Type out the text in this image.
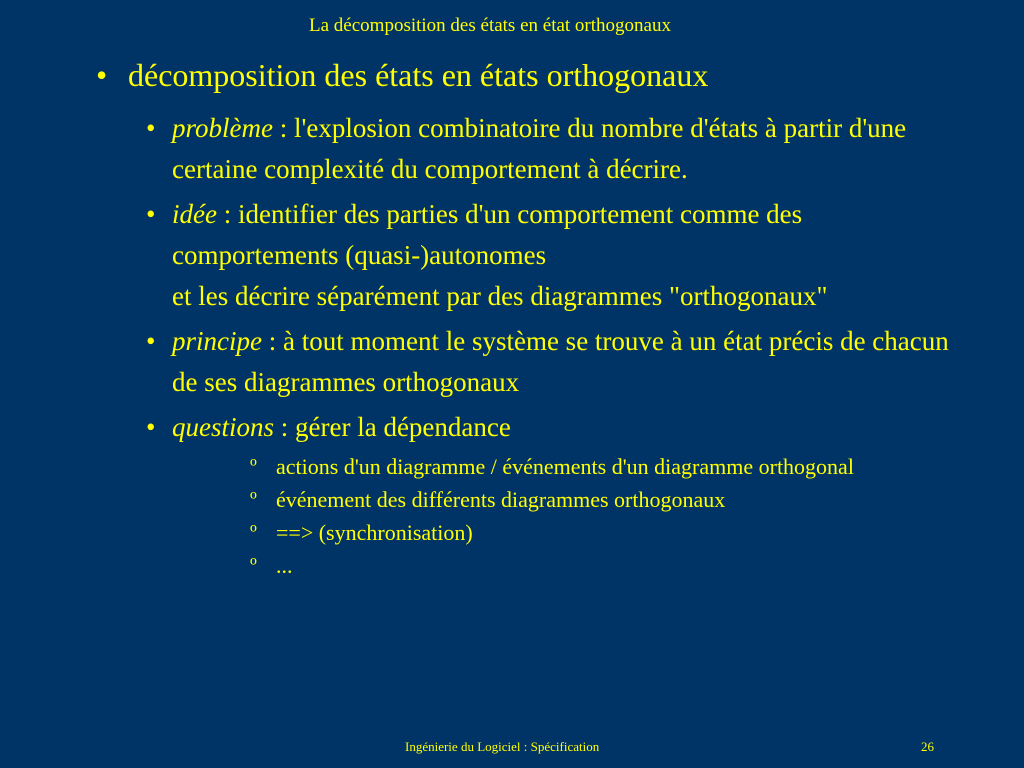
La décomposition des états en état orthogonaux
• décomposition des états en états orthogonaux
• problème : l'explosion combinatoire du nombre d'états à partir d'une certaine complexité du comportement à décrire.
• idée : identifier des parties d'un comportement comme des comportements (quasi-)autonomes
et les décrire séparément par des diagrammes "orthogonaux"
• principe : à tout moment le système se trouve à un état précis de chacun de ses diagrammes orthogonaux
• questions : gérer la dépendance
º actions d'un diagramme / événements d'un diagramme orthogonal
º événement des différents diagrammes orthogonaux
º ==> (synchronisation)
º ...
Ingénierie du Logiciel : Spécification	26
